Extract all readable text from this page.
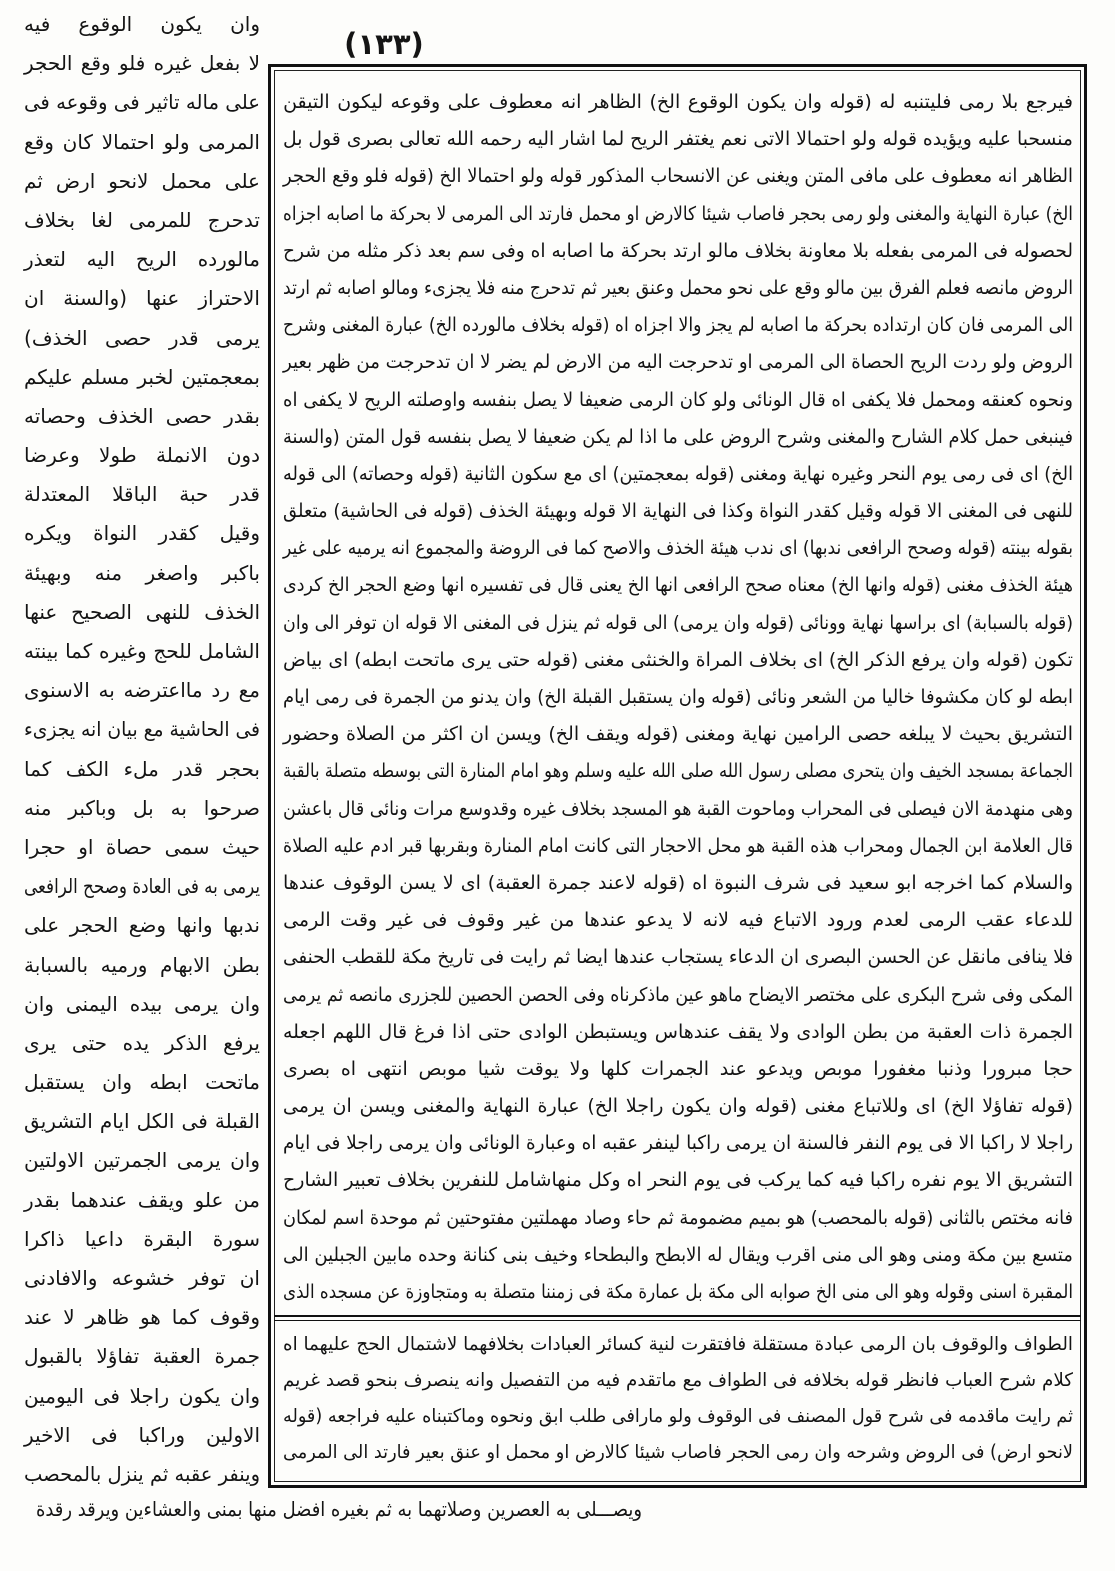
(١٣٣)
وان يكون الوقوع فيه
لا بفعل غيره فلو وقع الحجر
على ماله تاثير فى وقوعه فى
المرمى ولو احتمالا كان وقع
على محمل لانحو ارض ثم
تدحرج للمرمى لغا بخلاف
مالورده الريح اليه لتعذر
الاحتراز عنها (والسنة ان
يرمى قدر حصى الخذف)
بمعجمتين لخبر مسلم عليكم
بقدر حصى الخذف وحصاته
دون الانملة طولا وعرضا
قدر حبة الباقلا المعتدلة
وقيل كقدر النواة ويكره
باكبر واصغر منه وبهيئة
الخذف للنهى الصحيح عنها
الشامل للحج وغيره كما بينته
مع رد مااعترضه به الاسنوى
فى الحاشية مع بيان انه يجزىء
بحجر قدر ملء الكف كما
صرحوا به بل وباكبر منه
حيث سمى حصاة او حجرا
يرمى به فى العادة وصحح الرافعى
ندبها وانها وضع الحجر على
بطن الابهام ورميه بالسبابة
وان يرمى بيده اليمنى وان
يرفع الذكر يده حتى يرى
ماتحت ابطه وان يستقبل
القبلة فى الكل ايام التشريق
وان يرمى الجمرتين الاولتين
من علو ويقف عندهما بقدر
سورة البقرة داعيا ذاكرا
ان توفر خشوعه والافادنى
وقوف كما هو ظاهر لا عند
جمرة العقبة تفاؤلا بالقبول
وان يكون راجلا فى اليومين
الاولين وراكبا فى الاخير
وينفر عقبه ثم ينزل بالمحصب
فيرجع بلا رمى فليتنبه له (قوله وان يكون الوقوع الخ) الظاهر انه معطوف على وقوعه ليكون التيقن
منسحبا عليه ويؤيده قوله ولو احتمالا الاتى نعم يغتفر الريح لما اشار اليه رحمه الله تعالى بصرى قول بل
الظاهر انه معطوف على مافى المتن ويغنى عن الانسحاب المذكور قوله ولو احتمالا الخ (قوله فلو وقع الحجر
الخ) عبارة النهاية والمغنى ولو رمى بحجر فاصاب شيئا كالارض او محمل فارتد الى المرمى لا بحركة ما اصابه اجزاه
لحصوله فى المرمى بفعله بلا معاونة بخلاف مالو ارتد بحركة ما اصابه اه وفى سم بعد ذكر مثله من شرح
الروض مانصه فعلم الفرق بين مالو وقع على نحو محمل وعنق بعير ثم تدحرج منه فلا يجزىء ومالو اصابه ثم ارتد
الى المرمى فان كان ارتداده بحركة ما اصابه لم يجز والا اجزاه اه (قوله بخلاف مالورده الخ) عبارة المغنى وشرح
الروض ولو ردت الريح الحصاة الى المرمى او تدحرجت اليه من الارض لم يضر لا ان تدحرجت من ظهر بعير
ونحوه كعنقه ومحمل فلا يكفى اه قال الونائى ولو كان الرمى ضعيفا لا يصل بنفسه واوصلته الريح لا يكفى اه
فينبغى حمل كلام الشارح والمغنى وشرح الروض على ما اذا لم يكن ضعيفا لا يصل بنفسه قول المتن (والسنة
الخ) اى فى رمى يوم النحر وغيره نهاية ومغنى (قوله بمعجمتين) اى مع سكون الثانية (قوله وحصاته) الى قوله
للنهى فى المغنى الا قوله وقيل كقدر النواة وكذا فى النهاية الا قوله وبهيئة الخذف (قوله فى الحاشية) متعلق
بقوله بينته (قوله وصحح الرافعى ندبها) اى ندب هيئة الخذف والاصح كما فى الروضة والمجموع انه يرميه على غير
هيئة الخذف مغنى (قوله وانها الخ) معناه صحح الرافعى انها الخ يعنى قال فى تفسيره انها وضع الحجر الخ كردى
(قوله بالسبابة) اى براسها نهاية وونائى (قوله وان يرمى) الى قوله ثم ينزل فى المغنى الا قوله ان توفر الى وان
تكون (قوله وان يرفع الذكر الخ) اى بخلاف المراة والخنثى مغنى (قوله حتى يرى ماتحت ابطه) اى بياض
ابطه لو كان مكشوفا خاليا من الشعر ونائى (قوله وان يستقبل القبلة الخ) وان يدنو من الجمرة فى رمى ايام
التشريق بحيث لا يبلغه حصى الرامين نهاية ومغنى (قوله ويقف الخ) ويسن ان اكثر من الصلاة وحضور
الجماعة بمسجد الخيف وان يتحرى مصلى رسول الله صلى الله عليه وسلم وهو امام المنارة التى بوسطه متصلة بالقبة
وهى منهدمة الان فيصلى فى المحراب وماحوت القبة هو المسجد بخلاف غيره وقدوسع مرات ونائى قال باعشن
قال العلامة ابن الجمال ومحراب هذه القبة هو محل الاحجار التى كانت امام المنارة وبقربها قبر ادم عليه الصلاة
والسلام كما اخرجه ابو سعيد فى شرف النبوة اه (قوله لاعند جمرة العقبة) اى لا يسن الوقوف عندها
للدعاء عقب الرمى لعدم ورود الاتباع فيه لانه لا يدعو عندها من غير وقوف فى غير وقت الرمى
فلا ينافى مانقل عن الحسن البصرى ان الدعاء يستجاب عندها ايضا ثم رايت فى تاريخ مكة للقطب الحنفى
المكى وفى شرح البكرى على مختصر الايضاح ماهو عين ماذكرناه وفى الحصن الحصين للجزرى مانصه ثم يرمى
الجمرة ذات العقبة من بطن الوادى ولا يقف عندهاس ويستبطن الوادى حتى اذا فرغ قال اللهم اجعله
حجا مبرورا وذنبا مغفورا موبص ويدعو عند الجمرات كلها ولا يوقت شيا موبص انتهى اه بصرى
(قوله تفاؤلا الخ) اى وللاتباع مغنى (قوله وان يكون راجلا الخ) عبارة النهاية والمغنى ويسن ان يرمى
راجلا لا راكبا الا فى يوم النفر فالسنة ان يرمى راكبا لينفر عقبه اه وعبارة الونائى وان يرمى راجلا فى ايام
التشريق الا يوم نفره راكبا فيه كما يركب فى يوم النحر اه وكل منهاشامل للنفرين بخلاف تعبير الشارح
فانه مختص بالثانى (قوله بالمحصب) هو بميم مضمومة ثم حاء وصاد مهملتين مفتوحتين ثم موحدة اسم لمكان
متسع بين مكة ومنى وهو الى منى اقرب ويقال له الابطح والبطحاء وخيف بنى كنانة وحده مابين الجبلين الى
المقبرة اسنى وقوله وهو الى منى الخ صوابه الى مكة بل عمارة مكة فى زمننا متصلة به ومتجاوزة عن مسجده الذى
الطواف والوقوف بان الرمى عبادة مستقلة فافتقرت لنية كسائر العبادات بخلافهما لاشتمال الحج عليهما اه
كلام شرح العباب فانظر قوله بخلافه فى الطواف مع ماتقدم فيه من التفصيل وانه ينصرف بنحو قصد غريم
ثم رايت ماقدمه فى شرح قول المصنف فى الوقوف ولو مارافى طلب ابق ونحوه وماكتبناه عليه فراجعه (قوله
لانحو ارض) فى الروض وشرحه وان رمى الحجر فاصاب شيئا كالارض او محمل او عنق بعير فارتد الى المرمى
ويصـــلى به العصرين وصلاتهما به ثم بغيره افضل منها بمنى والعشاءين ويرقد رقدة
